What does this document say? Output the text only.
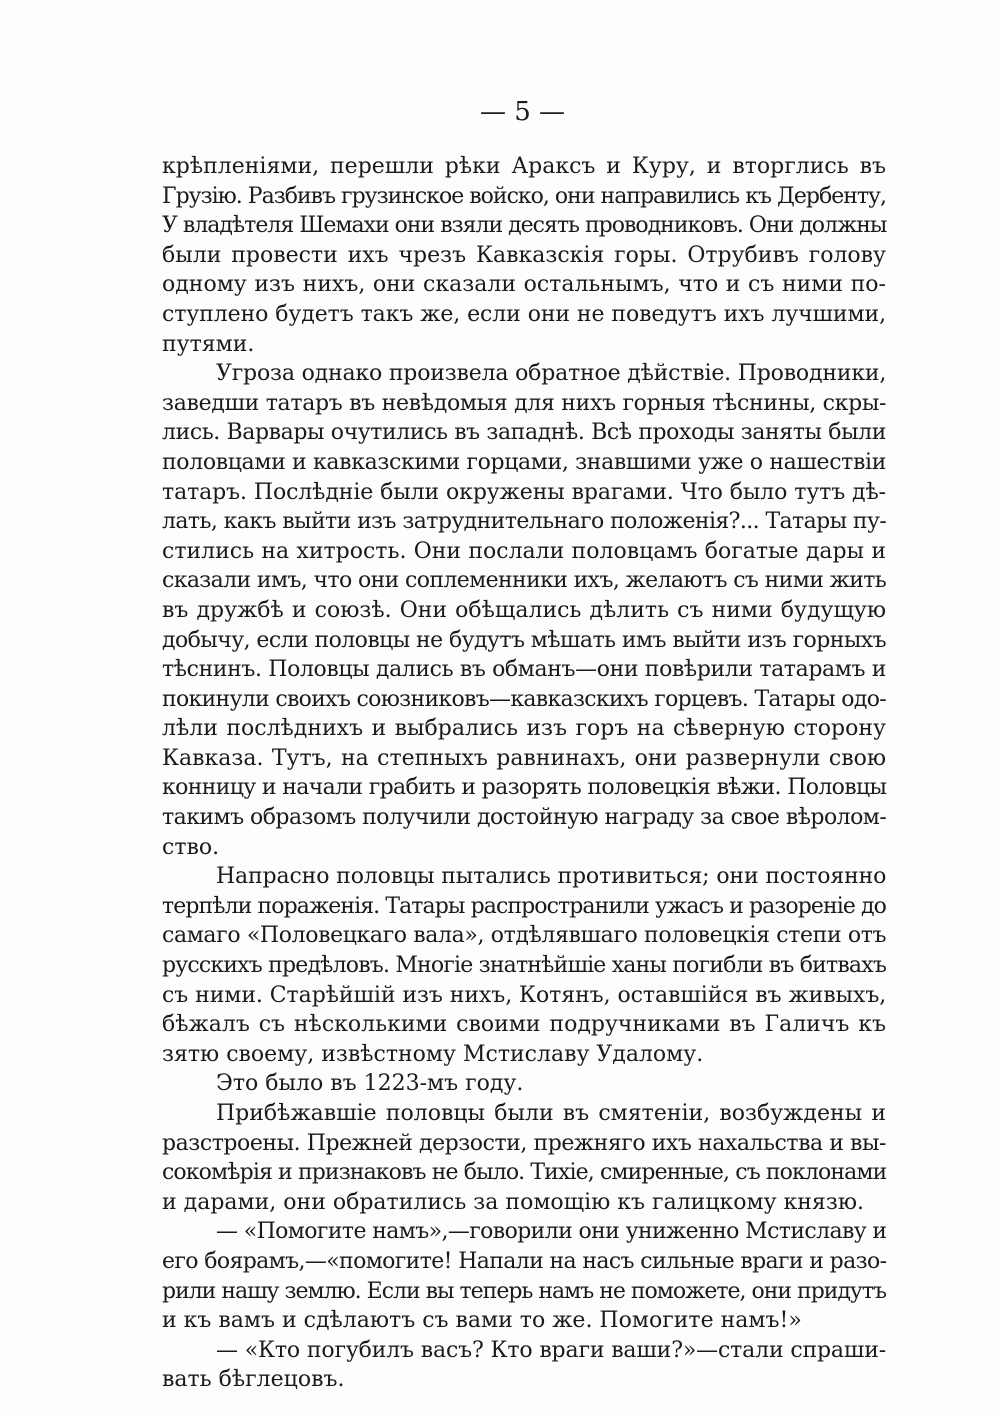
— 5 —
крѣпленіями, перешли рѣки Араксъ и Куру, и вторглись въ
Грузію. Разбивъ грузинское войско, они направились къ Дербенту,
У владѣтеля Шемахи они взяли десять проводниковъ. Они должны
были провести ихъ чрезъ Кавказскія горы. Отрубивъ голову
одному изъ нихъ, они сказали остальнымъ, что и съ ними по-
ступлено будетъ такъ же, если они не поведутъ ихъ лучшими,
путями.
Угроза однако произвела обратное дѣйствіе. Проводники,
заведши татаръ въ невѣдомыя для нихъ горныя тѣснины, скры-
лись. Варвары очутились въ западнѣ. Всѣ проходы заняты были
половцами и кавказскими горцами, знавшими уже о нашествіи
татаръ. Послѣдніе были окружены врагами. Что было тутъ дѣ-
лать, какъ выйти изъ затруднительнаго положенія?... Татары пу-
стились на хитрость. Они послали половцамъ богатые дары и
сказали имъ, что они соплеменники ихъ, желаютъ съ ними жить
въ дружбѣ и союзѣ. Они обѣщались дѣлить съ ними будущую
добычу, если половцы не будутъ мѣшать имъ выйти изъ горныхъ
тѣснинъ. Половцы дались въ обманъ—они повѣрили татарамъ и
покинули своихъ союзниковъ—кавказскихъ горцевъ. Татары одо-
лѣли послѣднихъ и выбрались изъ горъ на сѣверную сторону
Кавказа. Тутъ, на степныхъ равнинахъ, они развернули свою
конницу и начали грабить и разорять половецкія вѣжи. Половцы
такимъ образомъ получили достойную награду за свое вѣролом-
ство.
Напрасно половцы пытались противиться; они постоянно
терпѣли пораженія. Татары распространили ужасъ и разореніе до
самаго «Половецкаго вала», отдѣлявшаго половецкія степи отъ
русскихъ предѣловъ. Многіе знатнѣйшіе ханы погибли въ битвахъ
съ ними. Старѣйшій изъ нихъ, Котянъ, оставшійся въ живыхъ,
бѣжалъ съ нѣсколькими своими подручниками въ Галичъ къ
зятю своему, извѣстному Мстиславу Удалому.
Это было въ 1223-мъ году.
Прибѣжавшіе половцы были въ смятеніи, возбуждены и
разстроены. Прежней дерзости, прежняго ихъ нахальства и вы-
сокомѣрія и признаковъ не было. Тихіе, смиренные, съ поклонами
и дарами, они обратились за помощію къ галицкому князю.
— «Помогите намъ»,—говорили они униженно Мстиславу и
его боярамъ,—«помогите! Напали на насъ сильные враги и разо-
рили нашу землю. Если вы теперь намъ не поможете, они придутъ
и къ вамъ и сдѣлаютъ съ вами то же. Помогите намъ!»
— «Кто погубилъ васъ? Кто враги ваши?»—стали спраши-
вать бѣглецовъ.
